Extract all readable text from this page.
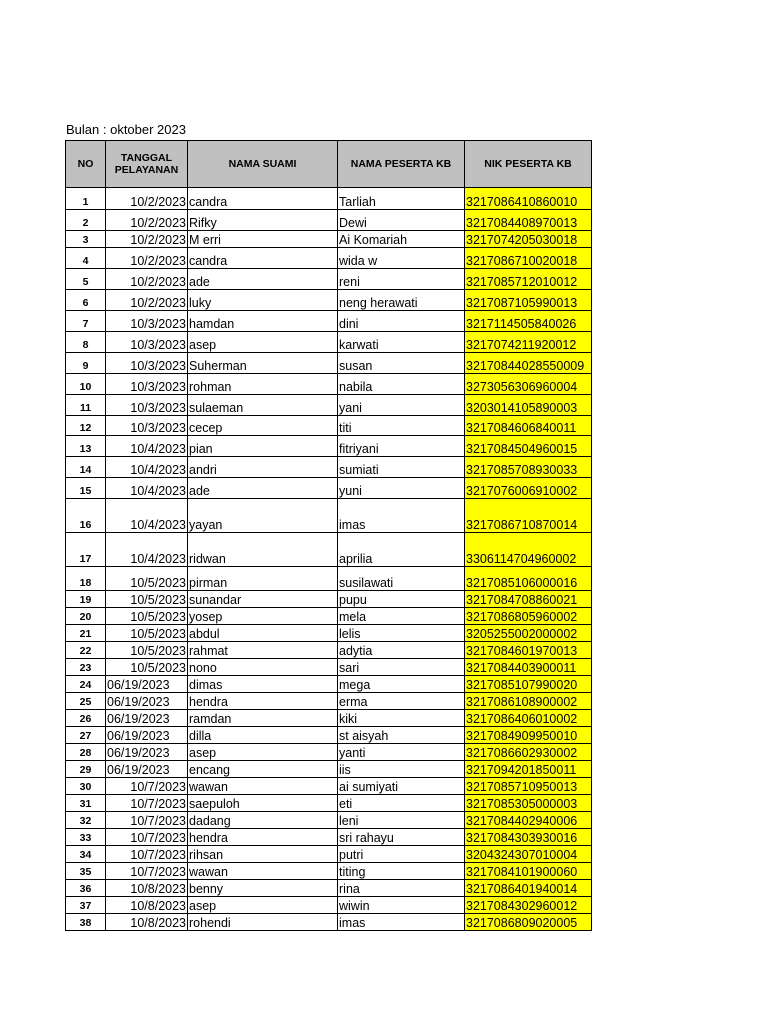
Bulan : oktober 2023
NO	TANGGAL PELAYANAN	NAMA SUAMI	NAMA PESERTA KB	NIK PESERTA KB
1	10/2/2023	candra	Tarliah	3217086410860010
2	10/2/2023	Rifky	Dewi	3217084408970013
3	10/2/2023	M erri	Ai Komariah	3217074205030018
4	10/2/2023	candra	wida w	3217086710020018
5	10/2/2023	ade	reni	3217085712010012
6	10/2/2023	luky	neng herawati	3217087105990013
7	10/3/2023	hamdan	dini	3217114505840026
8	10/3/2023	asep	karwati	3217074211920012
9	10/3/2023	Suherman	susan	32170844028550009
10	10/3/2023	rohman	nabila	3273056306960004
11	10/3/2023	sulaeman	yani	3203014105890003
12	10/3/2023	cecep	titi	3217084606840011
13	10/4/2023	pian	fitriyani	3217084504960015
14	10/4/2023	andri	sumiati	3217085708930033
15	10/4/2023	ade	yuni	3217076006910002
16	10/4/2023	yayan	imas	3217086710870014
17	10/4/2023	ridwan	aprilia	3306114704960002
18	10/5/2023	pirman	susilawati	3217085106000016
19	10/5/2023	sunandar	pupu	3217084708860021
20	10/5/2023	yosep	mela	3217086805960002
21	10/5/2023	abdul	lelis	3205255002000002
22	10/5/2023	rahmat	adytia	3217084601970013
23	10/5/2023	nono	sari	3217084403900011
24	06/19/2023	dimas	mega	3217085107990020
25	06/19/2023	hendra	erma	3217086108900002
26	06/19/2023	ramdan	kiki	3217086406010002
27	06/19/2023	dilla	st aisyah	3217084909950010
28	06/19/2023	asep	yanti	3217086602930002
29	06/19/2023	encang	iis	3217094201850011
30	10/7/2023	wawan	ai sumiyati	3217085710950013
31	10/7/2023	saepuloh	eti	3217085305000003
32	10/7/2023	dadang	leni	3217084402940006
33	10/7/2023	hendra	sri rahayu	3217084303930016
34	10/7/2023	rihsan	putri	3204324307010004
35	10/7/2023	wawan	titing	3217084101900060
36	10/8/2023	benny	rina	3217086401940014
37	10/8/2023	asep	wiwin	3217084302960012
38	10/8/2023	rohendi	imas	3217086809020005
